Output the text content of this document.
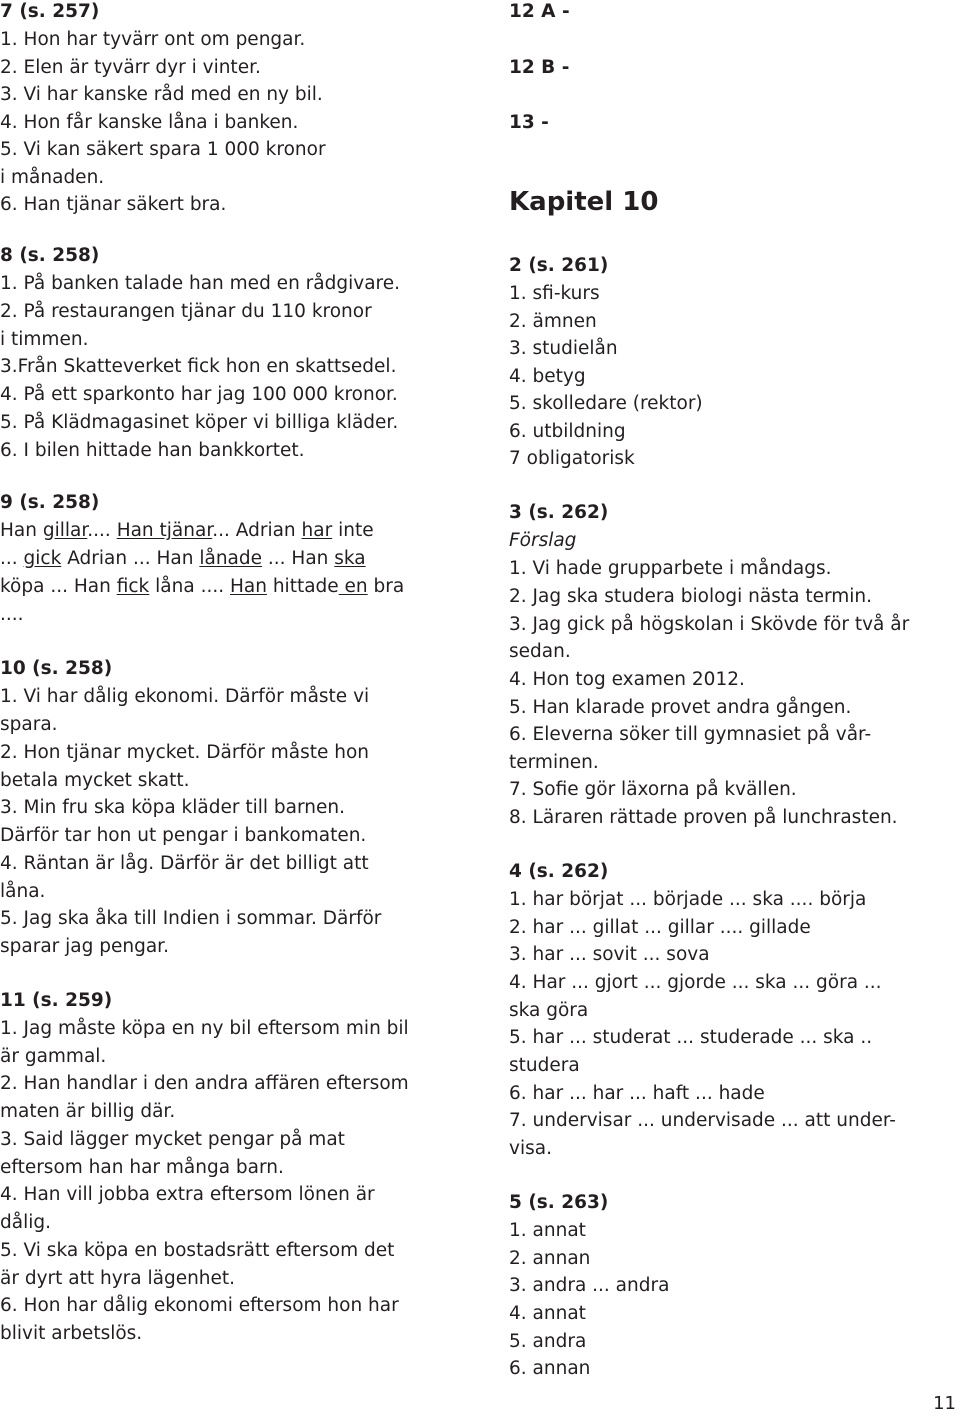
7 (s. 257)
1. Hon har tyvärr ont om pengar.
2. Elen är tyvärr dyr i vinter.
3. Vi har kanske råd med en ny bil.
4. Hon får kanske låna i banken.
5. Vi kan säkert spara 1 000 kronor
i månaden.
6. Han tjänar säkert bra.
8 (s. 258)
1. På banken talade han med en rådgivare.
2. På restaurangen tjänar du 110 kronor
i timmen.
3.Från Skatteverket fick hon en skattsedel.
4. På ett sparkonto har jag 100 000 kronor.
5. På Klädmagasinet köper vi billiga kläder.
6. I bilen hittade han bankkortet.
9 (s. 258)
Han gillar.... Han tjänar... Adrian har inte
... gick Adrian ... Han lånade ... Han ska
köpa ... Han fick låna .... Han hittade en bra
....
10 (s. 258)
1. Vi har dålig ekonomi. Därför måste vi
spara.
2. Hon tjänar mycket. Därför måste hon
betala mycket skatt.
3. Min fru ska köpa kläder till barnen.
Därför tar hon ut pengar i bankomaten.
4. Räntan är låg. Därför är det billigt att
låna.
5. Jag ska åka till Indien i sommar. Därför
sparar jag pengar.
11 (s. 259)
1. Jag måste köpa en ny bil eftersom min bil
är gammal.
2. Han handlar i den andra affären eftersom
maten är billig där.
3. Said lägger mycket pengar på mat
eftersom han har många barn.
4. Han vill jobba extra eftersom lönen är
dålig.
5. Vi ska köpa en bostadsrätt eftersom det
är dyrt att hyra lägenhet.
6. Hon har dålig ekonomi eftersom hon har
blivit arbetslös.
12 A -
12 B -
13 -
Kapitel 10
2 (s. 261)
1. sfi-kurs
2. ämnen
3. studielån
4. betyg
5. skolledare (rektor)
6. utbildning
7 obligatorisk
3 (s. 262)
Förslag
1. Vi hade grupparbete i måndags.
2. Jag ska studera biologi nästa termin.
3. Jag gick på högskolan i Skövde för två år
sedan.
4. Hon tog examen 2012.
5. Han klarade provet andra gången.
6. Eleverna söker till gymnasiet på vår-
terminen.
7. Sofie gör läxorna på kvällen.
8. Läraren rättade proven på lunchrasten.
4 (s. 262)
1. har börjat ... började ... ska .... börja
2. har ... gillat ... gillar .... gillade
3. har ... sovit ... sova
4. Har ... gjort ... gjorde ... ska ... göra ...
ska göra
5. har ... studerat ... studerade ... ska ..
studera
6. har ... har ... haft ... hade
7. undervisar ... undervisade ... att under-
visa.
5 (s. 263)
1. annat
2. annan
3. andra ... andra
4. annat
5. andra
6. annan
11
